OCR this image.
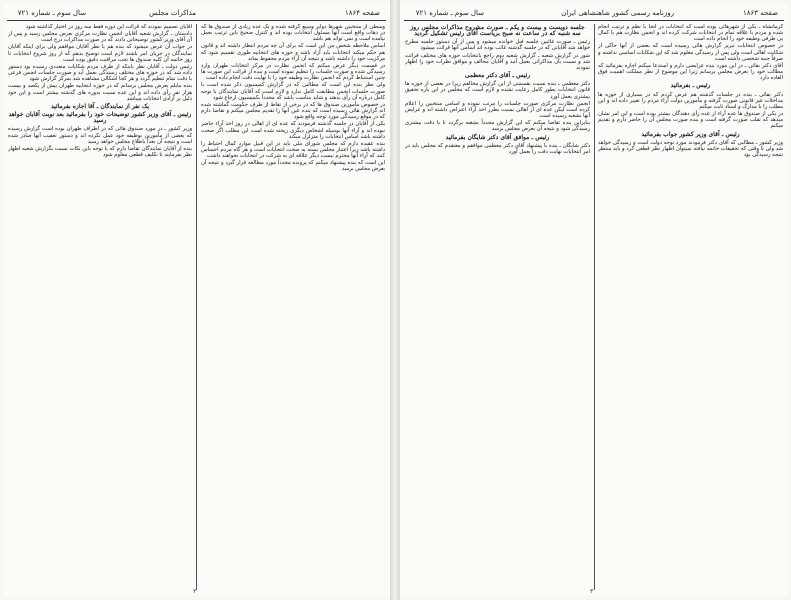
صفحه ۱۸۶۴
مذاکرات مجلس
سال سوم ـ شماره ۷۲۱
وسطی از منتخبین شهرها دوایر وسیع گرفته شده و یک عده زیادی از صندوق ها که در دهات واقع است آنها مسئول انتخابات بوده اند و کنترل صحیح باین ترتیب بعمل نیامده است و نمی تواند هم باشد
اساس ملاحظه شخص من این است که برای آن چه مردم انتظار داشته اند و قانون هم حکم میکند انتخابات باید آزاد باشد و حوزه های انتخابیه طوری تقسیم شود که مرکزیت خود را داشته باشد و نتیجه آن آراء مردم محفوظ بماند
در قسمت دیگر عرض میکنم که انجمن نظارت در مرکز انتخابات طهران وارد رسیدگی شده و صورت جلسات را تنظیم نموده است و بنده از قرائت این صورت ها چنین استنباط کردم که انجمن نظارت وظیفه خود را با نهایت دقت انجام داده است
ولی نظر بنده این است که مطالبی که در گزارش کمیسیون ذکر شده است با صورت جلسات انجمن مطابقت کامل ندارد و لازم است که آقایان نمایندگان با توجه کامل درباره آن رأی بدهند و شاید مناسب باشد که مجدداً بکمیسیون ارجاع شود
در خصوص مأمورین صندوق ها که در برخی از نقاط از طرف حکومت گماشته شده اند گزارش هائی رسیده است که بنده عین آنها را تقدیم مجلس میکنم و تقاضا دارم که در موقع رسیدگی مورد توجه واقع شود
یکی از آقایان در جلسه گذشته فرمودند که عده ای از اهالی در روز اخذ آراء حاضر نبوده اند و آراء آنها بوسیله اشخاص دیگری ریخته شده است این مطلب اگر صحت داشته باشد اساس انتخابات را متزلزل میکند
بنده عقیده دارم که مجلس شورای ملی باید در این قبیل موارد کمال احتیاط را داشته باشد زیرا اعتبار مجلس بسته به صحت انتخابات است و هر گاه مردم احساس کنند که آراء آنها محترم نیست دیگر علاقه ای به شرکت در انتخابات نخواهند داشت
این است که بنده پیشنهاد میکنم که پرونده مجدداً مورد مطالعه قرار گیرد و نتیجه آن بعرض مجلس برسد
آقایان تصمیم نمودند که قرائت این دوره فقط سه روز در اختیار گذاشته شود
دادستان ـ گزارش شعبه آقایان انجمن نظارت مرکزی بعرض مجلس رسید و پس از آن آقای وزیر کشور توضیحاتی دادند که در صورت مذاکرات درج است
در جواب آن عرض میشود که بنده هم با نظر آقایان موافقم ولی برای اینکه آقایان نمایندگان در جریان امر باشند لازم است توضیح بدهم که از روز شروع انتخابات تا روز خاتمه آن کلیه صندوق ها تحت مراقبت دقیق بوده است
رئیس دولت ـ آقایان نظر باینکه از طرف مردم شکایات متعددی رسیده بود دستور داده شد که در حوزه های مختلف رسیدگی بعمل آید و صورت جلسات انجمن فرعی با دقت تمام تنظیم گردد و هر کجا اشکالی مشاهده شد بمرکز گزارش شود
بنده مایلم بعرض مجلس برسانم که در حوزه انتخابیه طهران بیش از یکصد و بیست هزار نفر رأی داده اند و این عده نسبت بدوره های گذشته بیشتر است و این خود دلیل بر آزادی انتخابات میباشد
یک نفر از نمایندگان ـ آقا اجازه بفرمائید
رئیس ـ آقای وزیر کشور توضیحات خود را بفرمائید بعد نوبت آقایان خواهد رسید
وزیر کشور ـ در مورد صندوق هائی که در اطراف طهران بوده است گزارش رسیده که بعضی از مأمورین بوظیفه خود عمل نکرده اند و دستور تعقیب آنها صادر شده است و نتیجه آن بعداً باطلاع مجلس خواهد رسید
بنده از آقایان نمایندگان تقاضا دارم که با توجه باین نکات نسبت بگزارش شعبه اظهار نظر بفرمایند تا تکلیف قطعی معلوم شود
۲
سال سوم ـ شماره ۷۲۱	روزنامه رسمی کشور شاهنشاهی ایران	صفحه ۱۸۶۳
کرمانشاه ـ یکی از شهرهائی بوده است که انتخابات در آنجا با نظم و ترتیب انجام شده و مردم با علاقه تمام در انتخابات شرکت کرده اند و انجمن نظارت هم با کمال بی طرفی وظیفه خود را انجام داده است
در خصوص انتخابات تبریز گزارش هائی رسیده است که بعضی از آنها حاکی از شکایت اهالی است ولی پس از رسیدگی معلوم شد که این شکایات اساسی نداشته و صرفاً جنبه شخصی داشته است
آقای دکتر بقائی ـ در این مورد بنده عرایضی دارم و استدعا میکنم اجازه بفرمائید که مطالب خود را بعرض مجلس برسانم زیرا این موضوع از نظر مملکت اهمیت فوق العاده دارد
رئیس ـ بفرمائید
دکتر بقائی ـ بنده در جلسات گذشته هم عرض کردم که در بسیاری از حوزه ها مداخلات غیر قانونی صورت گرفته و مأمورین دولت آراء مردم را تغییر داده اند و این مطلب را با مدارک و اسناد ثابت میکنم
در یکی از صندوق ها عده آراء از عده رأی دهندگان بیشتر بوده است و این امر نشان میدهد که تقلب صورت گرفته است و بنده صورت مجلس آن را حاضر دارم و تقدیم میکنم
رئیس ـ آقای وزیر کشور جواب بفرمائید
وزیر کشور ـ مطالبی که آقای دکتر فرمودند مورد توجه دولت است و رسیدگی خواهد شد ولی تا وقتی که تحقیقات خاتمه نیافته نمیتوان اظهار نظر قطعی کرد و باید منتظر نتیجه رسیدگی بود
جلسه دویست و بیست و یکم ـ صورت مشروح مذاکرات مجلس روز سه شنبه که در ساعت نه صبح بریاست آقای رئیس تشکیل گردید
رئیس ـ صورت غائبین جلسه قبل خوانده میشود و پس از آن دستور جلسه مطرح خواهد شد آقایانی که در جلسه گذشته غائب بوده اند اسامی آنها قرائت میشود
شور در گزارش شعبه ـ گزارش شعبه دوم راجع بانتخابات حوزه های مختلف قرائت شد و نسبت بآن مذاکراتی بعمل آمد و آقایان مخالف و موافق نظرات خود را اظهار نمودند
رئیس ـ آقای دکتر معظمی
دکتر معظمی ـ بنده نسبت بقسمتی از این گزارش مخالفم زیرا در بعضی از حوزه ها قانون انتخابات بطور کامل رعایت نشده و لازم است که مجلس در این باره تحقیق بیشتری بعمل آورد
انجمن نظارت مرکزی صورت جلسات را مرتب نموده و اسامی منتخبین را اعلام کرده است لیکن عده ای از اهالی نسبت بطرز اخذ آراء اعتراض داشته اند و عرایض آنها بشعبه رسیده است
بنابراین بنده تقاضا میکنم که این گزارش مجدداً بشعبه برگردد تا با دقت بیشتری رسیدگی شود و نتیجه آن بعرض مجلس برسد
رئیس ـ موافق آقای دکتر شایگان بفرمائید
دکتر شایگان ـ بنده با پیشنهاد آقای دکتر معظمی موافقم و معتقدم که مجلس باید در امر انتخابات نهایت دقت را بعمل آورد
۳
